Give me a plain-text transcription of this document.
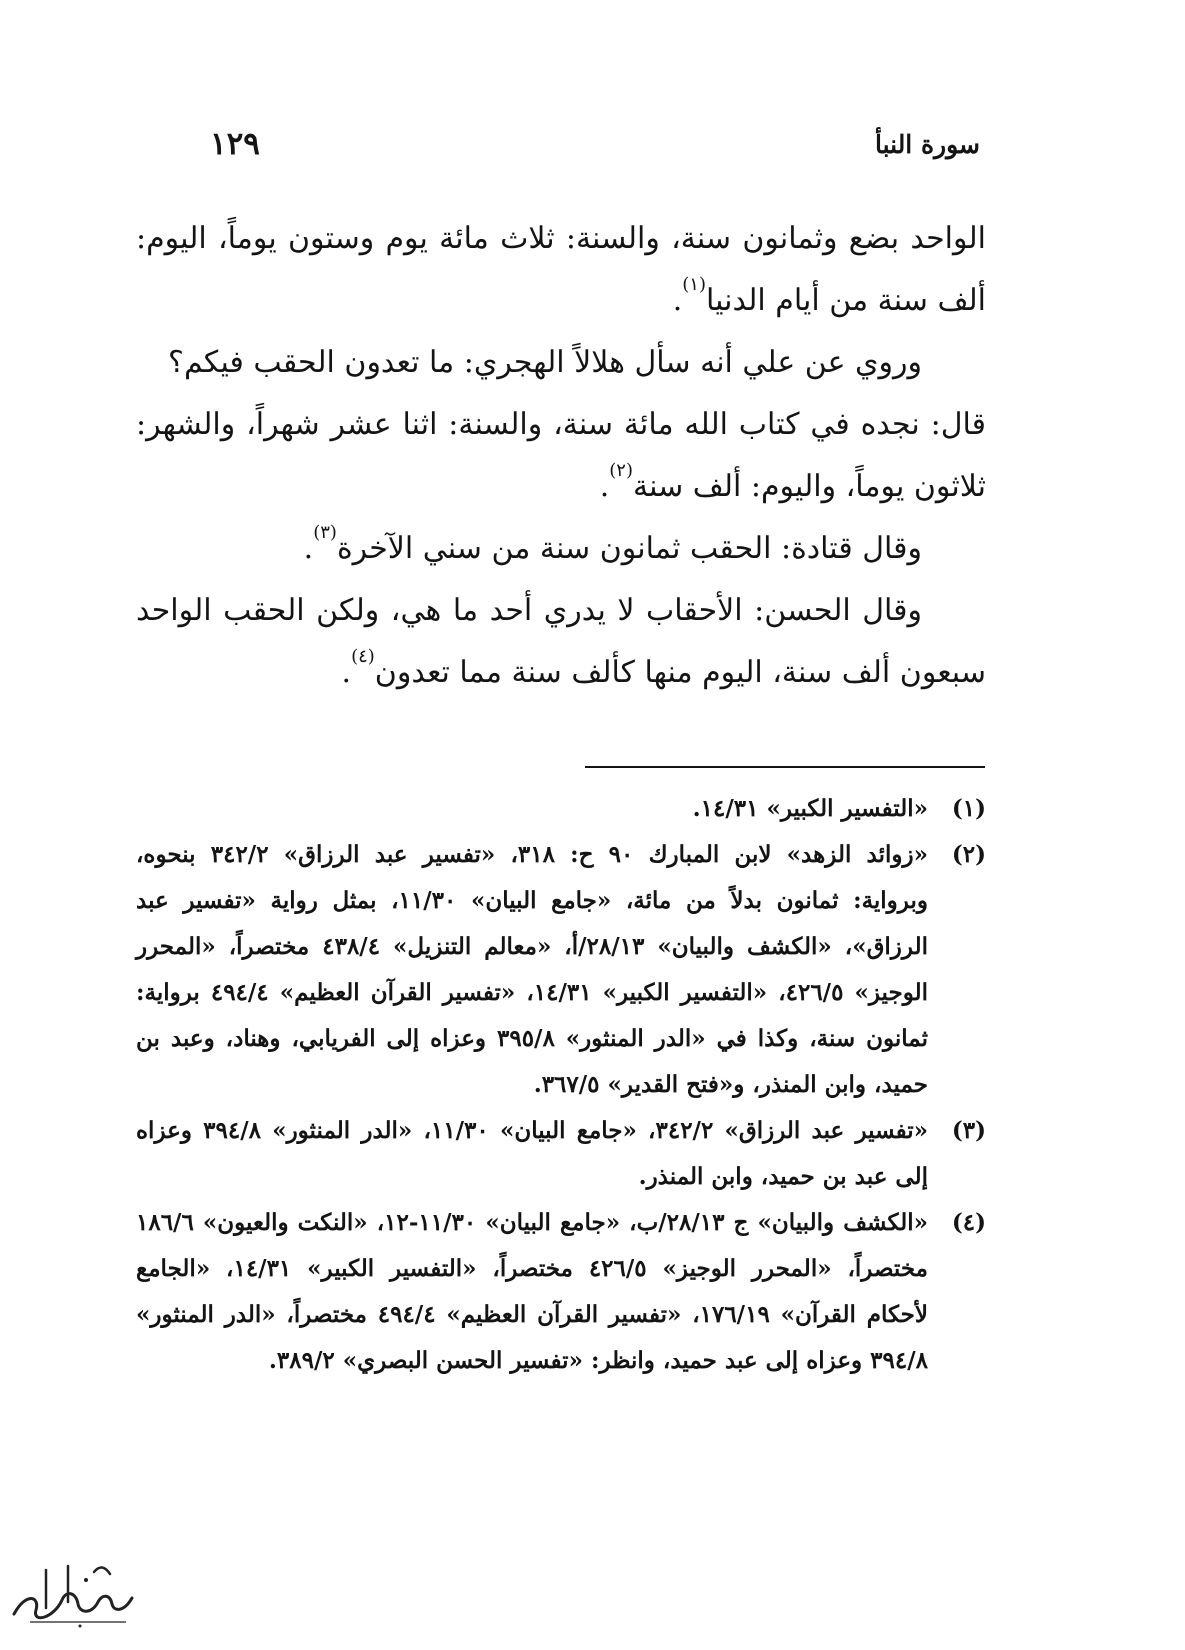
سورة النبأ
١٢٩

الواحد بضع وثمانون سنة، والسنة: ثلاث مائة يوم وستون يوماً، اليوم: ألف سنة من أيام الدنيا$^{(١)}$.

وروي عن علي أنه سأل هلالاً الهجري: ما تعدون الحقب فيكم؟

قال: نجده في كتاب الله مائة سنة، والسنة: اثنا عشر شهراً، والشهر: ثلاثون يوماً، واليوم: ألف سنة$^{(٢)}$.

وقال قتادة: الحقب ثمانون سنة من سني الآخرة$^{(٣)}$.

وقال الحسن: الأحقاب لا يدري أحد ما هي، ولكن الحقب الواحد سبعون ألف سنة، اليوم منها كألف سنة مما تعدون$^{(٤)}$.

(١)
«التفسير الكبير» ١٤/٣١.
(٢)
«زوائد الزهد» لابن المبارك ٩٠ ح: ٣١٨، «تفسير عبد الرزاق» ٣٤٢/٢ بنحوه، وبرواية: ثمانون بدلاً من مائة، «جامع البيان» ١١/٣٠، بمثل رواية «تفسير عبد الرزاق»، «الكشف والبيان» ٢٨/١٣/أ، «معالم التنزيل» ٤٣٨/٤ مختصراً، «المحرر الوجيز» ٤٢٦/٥، «التفسير الكبير» ١٤/٣١، «تفسير القرآن العظيم» ٤٩٤/٤ برواية: ثمانون سنة، وكذا في «الدر المنثور» ٣٩٥/٨ وعزاه إلى الفريابي، وهناد، وعبد بن حميد، وابن المنذر، و«فتح القدير» ٣٦٧/٥.
(٣)
«تفسير عبد الرزاق» ٣٤٢/٢، «جامع البيان» ١١/٣٠، «الدر المنثور» ٣٩٤/٨ وعزاه إلى عبد بن حميد، وابن المنذر.
(٤)
«الكشف والبيان» ج ٢٨/١٣/ب، «جامع البيان» ١١/٣٠-١٢، «النكت والعيون» ١٨٦/٦ مختصراً، «المحرر الوجيز» ٤٢٦/٥ مختصراً، «التفسير الكبير» ١٤/٣١، «الجامع لأحكام القرآن» ١٧٦/١٩، «تفسير القرآن العظيم» ٤٩٤/٤ مختصراً، «الدر المنثور» ٣٩٤/٨ وعزاه إلى عبد حميد، وانظر: «تفسير الحسن البصري» ٣٨٩/٢.
